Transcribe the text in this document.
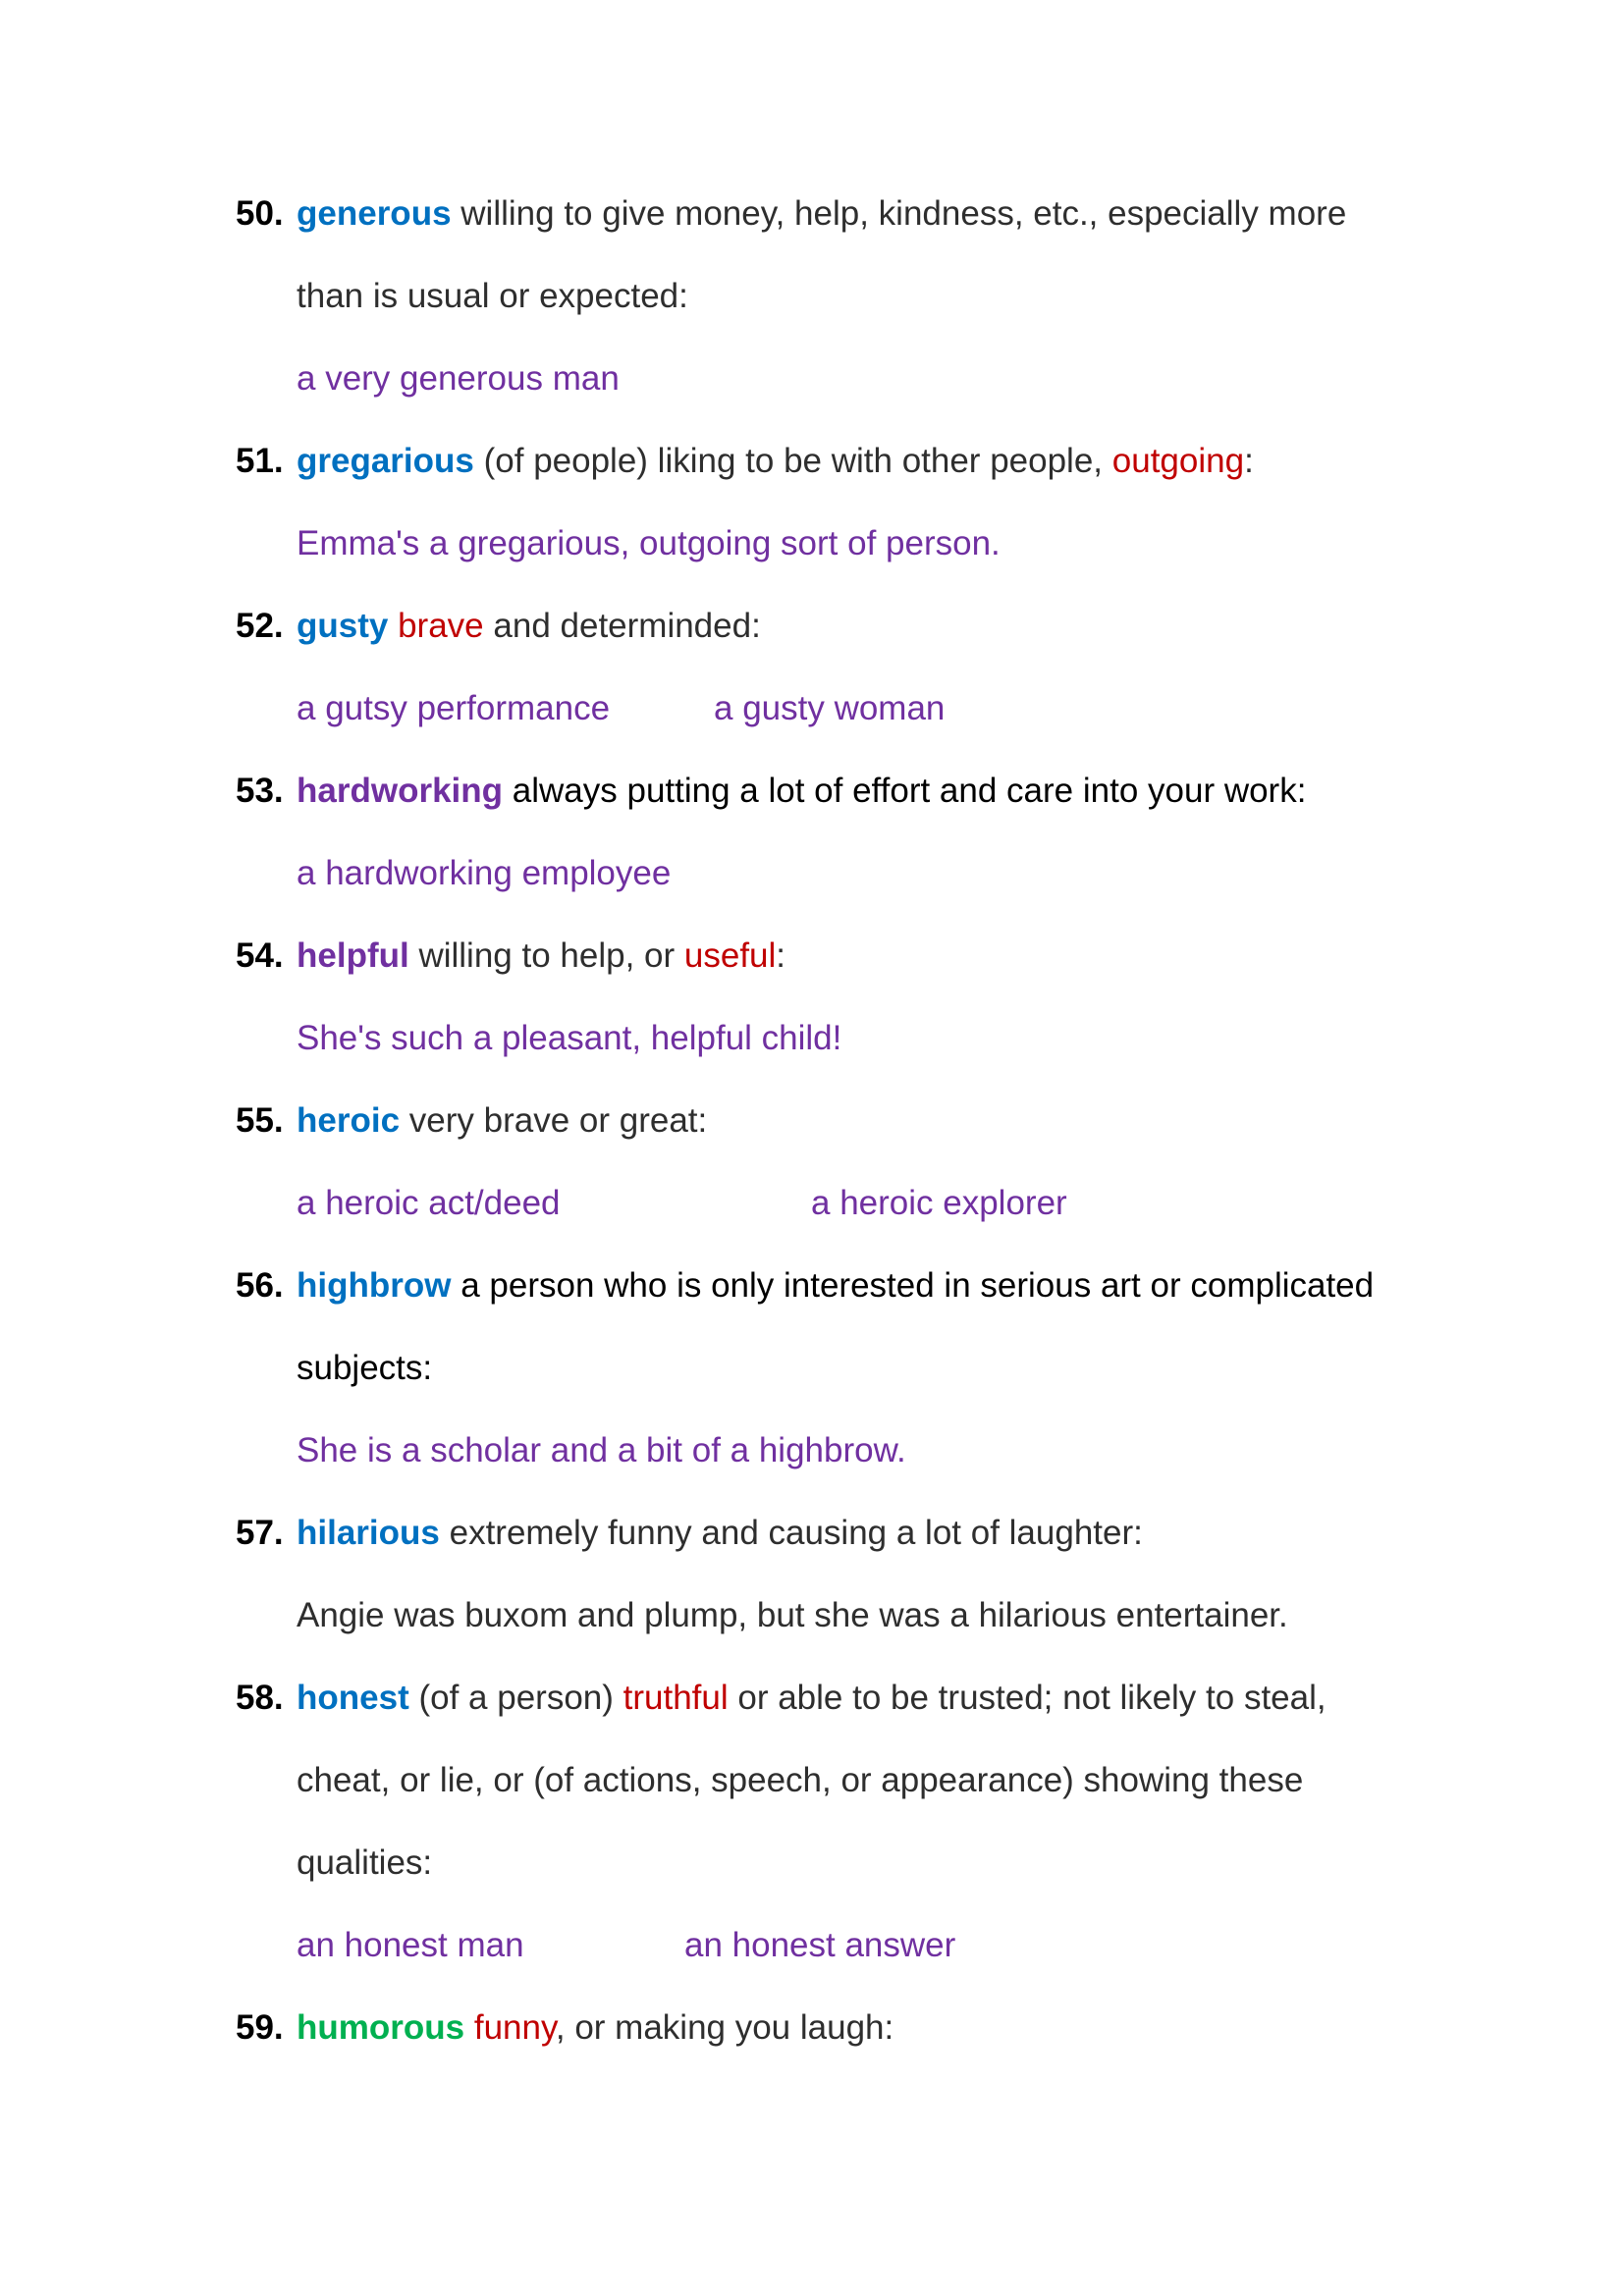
50. generous willing to give money, help, kindness, etc., especially more
than is usual or expected:
a very generous man
51. gregarious (of people) liking to be with other people, outgoing:
Emma's a gregarious, outgoing sort of person.
52. gusty brave and determinded:
a gutsy performance	a gusty woman
53. hardworking always putting a lot of effort and care into your work:
a hardworking employee
54. helpful willing to help, or useful:
She's such a pleasant, helpful child!
55. heroic very brave or great:
a heroic act/deed	a heroic explorer
56. highbrow a person who is only interested in serious art or complicated
subjects:
She is a scholar and a bit of a highbrow.
57. hilarious extremely funny and causing a lot of laughter:
Angie was buxom and plump, but she was a hilarious entertainer.
58. honest (of a person) truthful or able to be trusted; not likely to steal,
cheat, or lie, or (of actions, speech, or appearance) showing these
qualities:
an honest man	an honest answer
59. humorous funny, or making you laugh:
